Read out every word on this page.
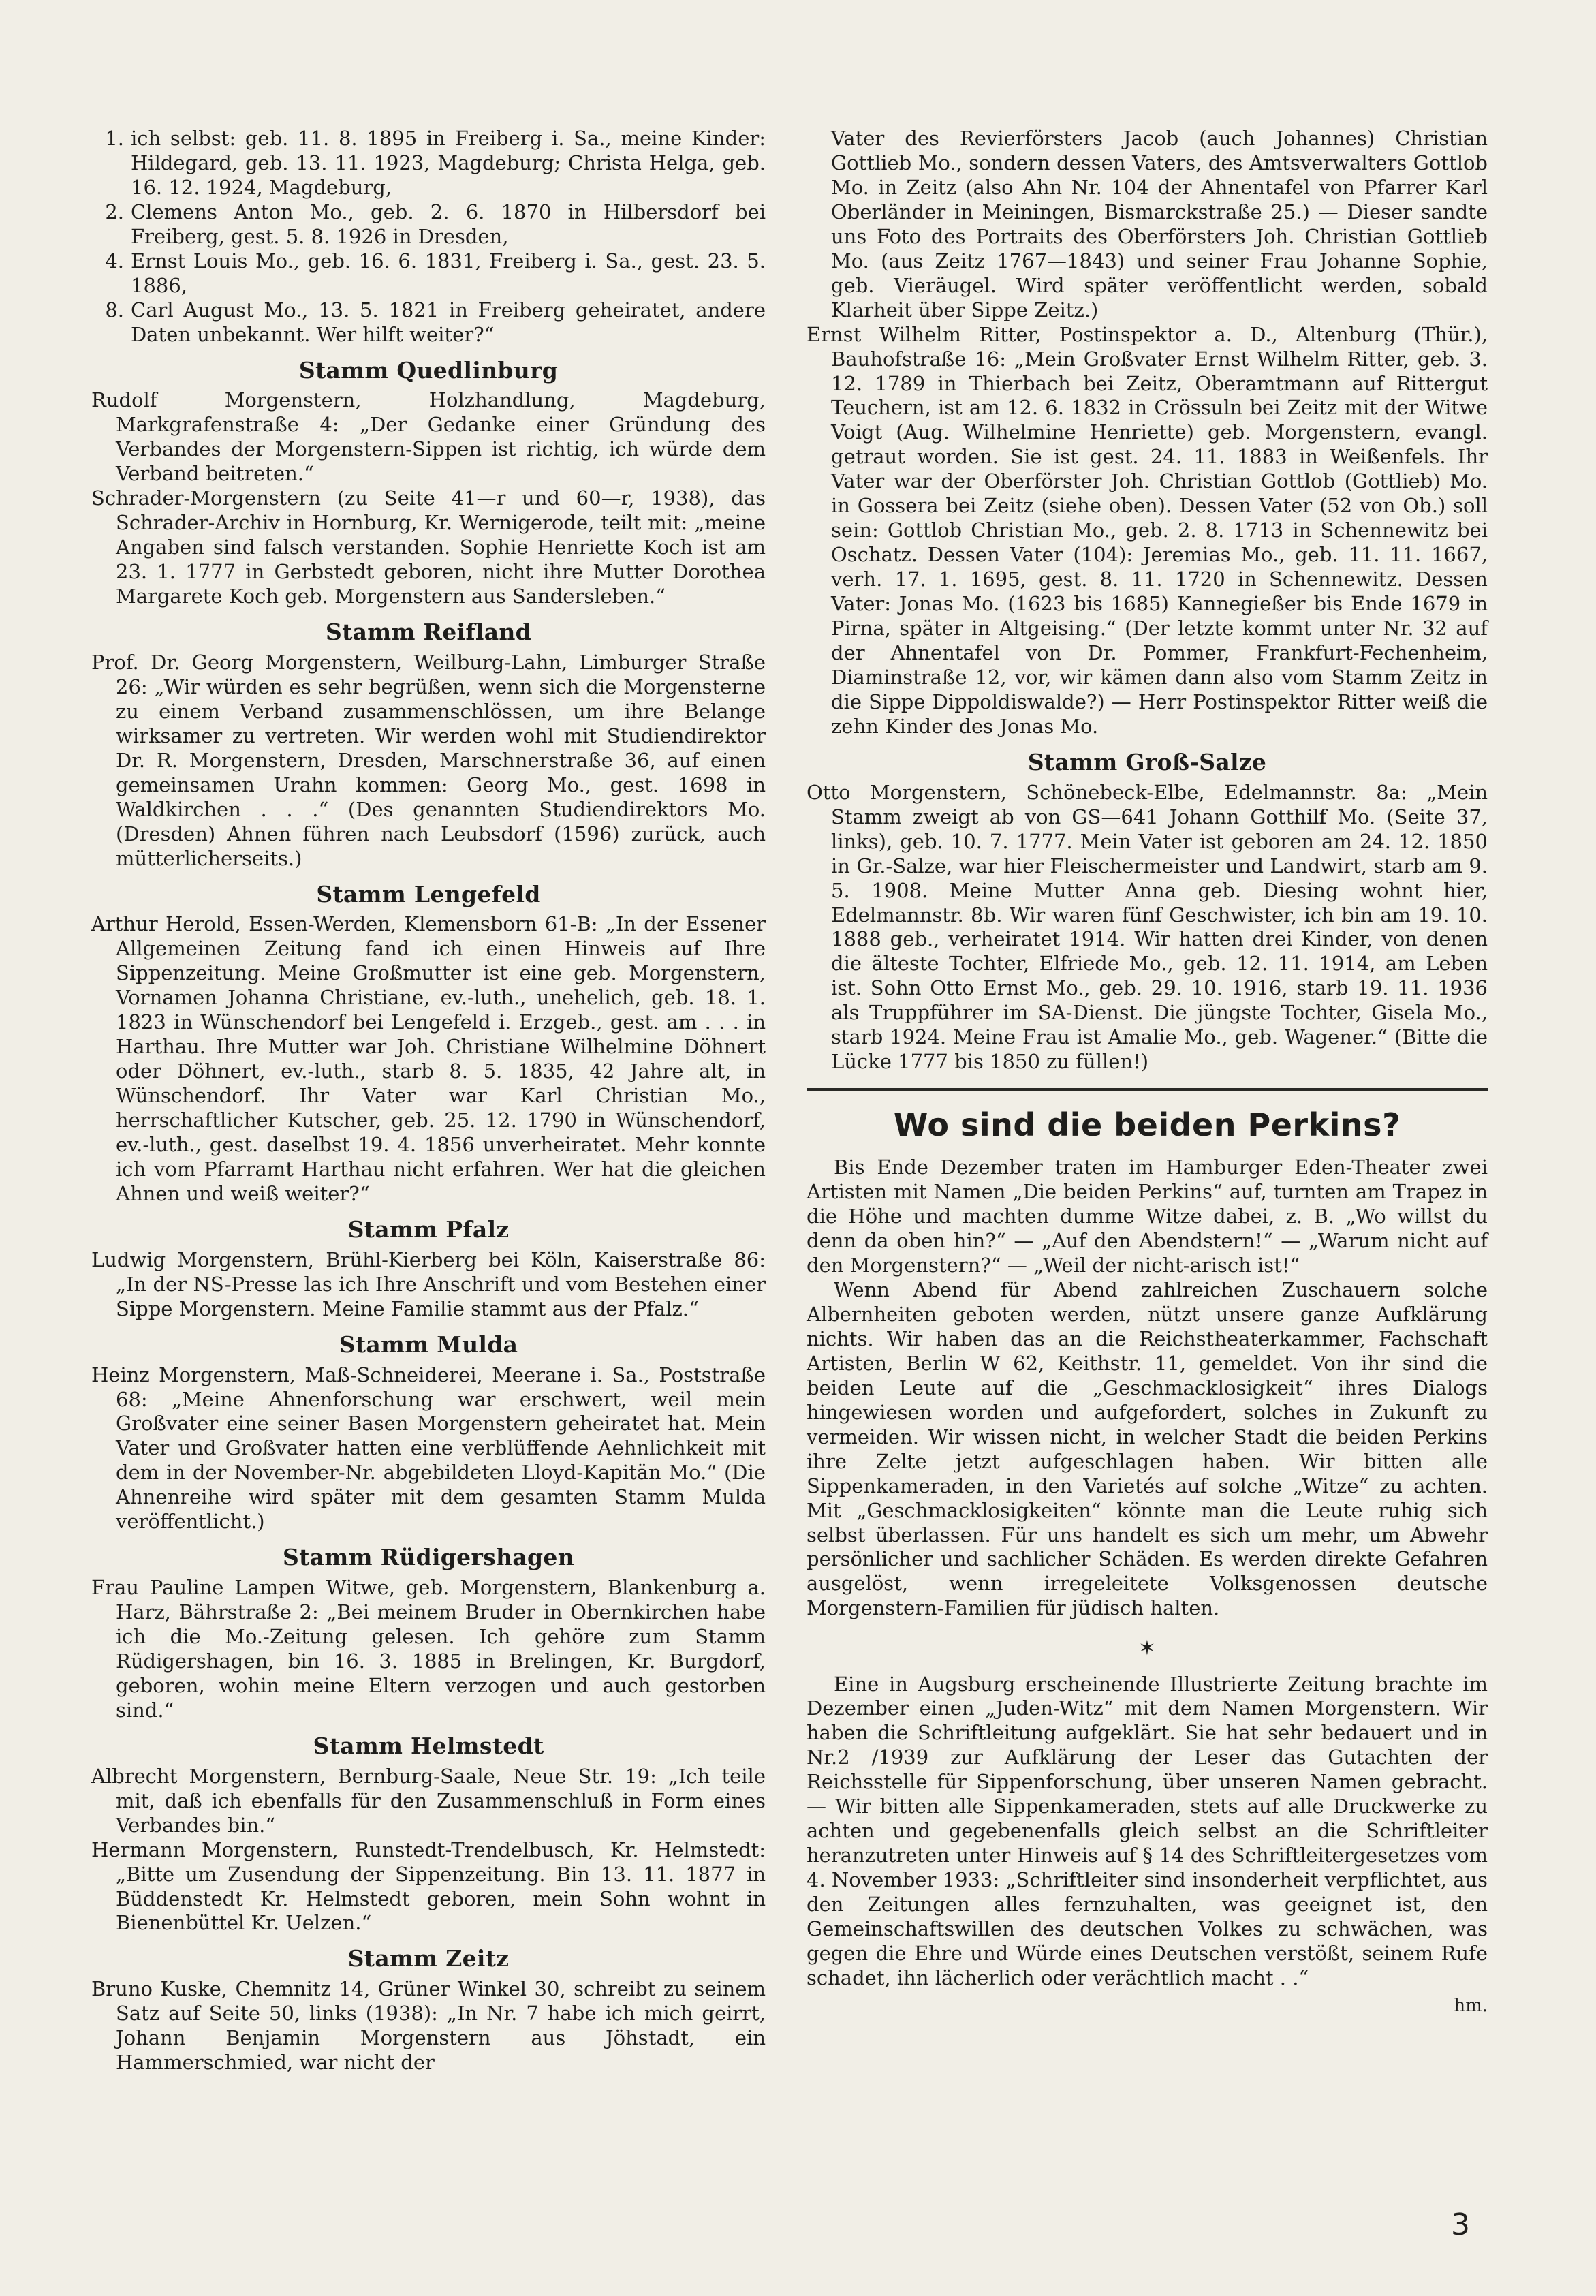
1. ich selbst: geb. 11. 8. 1895 in Freiberg i. Sa., meine Kinder: Hildegard, geb. 13. 11. 1923, Magdeburg; Christa Helga, geb. 16. 12. 1924, Magdeburg,
2. Clemens Anton Mo., geb. 2. 6. 1870 in Hilbersdorf bei Freiberg, gest. 5. 8. 1926 in Dresden,
4. Ernst Louis Mo., geb. 16. 6. 1831, Freiberg i. Sa., gest. 23. 5. 1886,
8. Carl August Mo., 13. 5. 1821 in Freiberg geheiratet, andere Daten unbekannt. Wer hilft weiter?“
Stamm Quedlinburg

Rudolf Morgenstern, Holzhandlung, Magdeburg, Markgrafenstraße 4: „Der Gedanke einer Gründung des Verbandes der Morgenstern-Sippen ist richtig, ich würde dem Verband beitreten.“

Schrader-Morgenstern (zu Seite 41—r und 60—r, 1938), das Schrader-Archiv in Hornburg, Kr. Wernigerode, teilt mit: „meine Angaben sind falsch verstanden. Sophie Henriette Koch ist am 23. 1. 1777 in Gerbstedt geboren, nicht ihre Mutter Dorothea Margarete Koch geb. Morgenstern aus Sandersleben.“

Stamm Reifland

Prof. Dr. Georg Morgenstern, Weilburg-Lahn, Limburger Straße 26: „Wir würden es sehr begrüßen, wenn sich die Morgensterne zu einem Verband zusammenschlössen, um ihre Belange wirksamer zu vertreten. Wir werden wohl mit Studiendirektor Dr. R. Morgenstern, Dresden, Marschnerstraße 36, auf einen gemeinsamen Urahn kommen: Georg Mo., gest. 1698 in Waldkirchen . . .“ (Des genannten Studiendirektors Mo. (Dresden) Ahnen führen nach Leubsdorf (1596) zurück, auch mütterlicherseits.)

Stamm Lengefeld

Arthur Herold, Essen-Werden, Klemensborn 61-B: „In der Essener Allgemeinen Zeitung fand ich einen Hinweis auf Ihre Sippenzeitung. Meine Großmutter ist eine geb. Morgenstern, Vornamen Johanna Christiane, ev.-luth., unehelich, geb. 18. 1. 1823 in Wünschendorf bei Lengefeld i. Erzgeb., gest. am . . . in Harthau. Ihre Mutter war Joh. Christiane Wilhelmine Döhnert oder Döhnert, ev.-luth., starb 8. 5. 1835, 42 Jahre alt, in Wünschendorf. Ihr Vater war Karl Christian Mo., herrschaftlicher Kutscher, geb. 25. 12. 1790 in Wünschendorf, ev.-luth., gest. daselbst 19. 4. 1856 unverheiratet. Mehr konnte ich vom Pfarramt Harthau nicht erfahren. Wer hat die gleichen Ahnen und weiß weiter?“

Stamm Pfalz

Ludwig Morgenstern, Brühl-Kierberg bei Köln, Kaiserstraße 86: „In der NS-Presse las ich Ihre Anschrift und vom Bestehen einer Sippe Morgenstern. Meine Familie stammt aus der Pfalz.“

Stamm Mulda

Heinz Morgenstern, Maß-Schneiderei, Meerane i. Sa., Poststraße 68: „Meine Ahnenforschung war erschwert, weil mein Großvater eine seiner Basen Morgenstern geheiratet hat. Mein Vater und Großvater hatten eine verblüffende Aehnlichkeit mit dem in der November-Nr. abgebildeten Lloyd-Kapitän Mo.“ (Die Ahnenreihe wird später mit dem gesamten Stamm Mulda veröffentlicht.)

Stamm Rüdigershagen

Frau Pauline Lampen Witwe, geb. Morgenstern, Blankenburg a. Harz, Bährstraße 2: „Bei meinem Bruder in Obernkirchen habe ich die Mo.-Zeitung gelesen. Ich gehöre zum Stamm Rüdigershagen, bin 16. 3. 1885 in Brelingen, Kr. Burgdorf, geboren, wohin meine Eltern verzogen und auch gestorben sind.“

Stamm Helmstedt

Albrecht Morgenstern, Bernburg-Saale, Neue Str. 19: „Ich teile mit, daß ich ebenfalls für den Zusammenschluß in Form eines Verbandes bin.“

Hermann Morgenstern, Runstedt-Trendelbusch, Kr. Helmstedt: „Bitte um Zusendung der Sippenzeitung. Bin 13. 11. 1877 in Büddenstedt Kr. Helmstedt geboren, mein Sohn wohnt in Bienenbüttel Kr. Uelzen.“

Stamm Zeitz

Bruno Kuske, Chemnitz 14, Grüner Winkel 30, schreibt zu seinem Satz auf Seite 50, links (1938): „In Nr. 7 habe ich mich geirrt, Johann Benjamin Morgenstern aus Jöhstadt, ein Hammerschmied, war nicht der

Vater des Revierförsters Jacob (auch Johannes) Christian Gottlieb Mo., sondern dessen Vaters, des Amtsverwalters Gottlob Mo. in Zeitz (also Ahn Nr. 104 der Ahnentafel von Pfarrer Karl Oberländer in Meiningen, Bismarckstraße 25.) — Dieser sandte uns Foto des Portraits des Oberförsters Joh. Christian Gottlieb Mo. (aus Zeitz 1767—1843) und seiner Frau Johanne Sophie, geb. Vieräugel. Wird später veröffentlicht werden, sobald Klarheit über Sippe Zeitz.)

Ernst Wilhelm Ritter, Postinspektor a. D., Altenburg (Thür.), Bauhofstraße 16: „Mein Großvater Ernst Wilhelm Ritter, geb. 3. 12. 1789 in Thierbach bei Zeitz, Oberamtmann auf Rittergut Teuchern, ist am 12. 6. 1832 in Crössuln bei Zeitz mit der Witwe Voigt (Aug. Wilhelmine Henriette) geb. Morgenstern, evangl. getraut worden. Sie ist gest. 24. 11. 1883 in Weißenfels. Ihr Vater war der Oberförster Joh. Christian Gottlob (Gottlieb) Mo. in Gossera bei Zeitz (siehe oben). Dessen Vater (52 von Ob.) soll sein: Gottlob Christian Mo., geb. 2. 8. 1713 in Schennewitz bei Oschatz. Dessen Vater (104): Jeremias Mo., geb. 11. 11. 1667, verh. 17. 1. 1695, gest. 8. 11. 1720 in Schennewitz. Dessen Vater: Jonas Mo. (1623 bis 1685) Kannegießer bis Ende 1679 in Pirna, später in Altgeising.“ (Der letzte kommt unter Nr. 32 auf der Ahnentafel von Dr. Pommer, Frankfurt-Fechenheim, Diaminstraße 12, vor, wir kämen dann also vom Stamm Zeitz in die Sippe Dippoldiswalde?) — Herr Postinspektor Ritter weiß die zehn Kinder des Jonas Mo.

Stamm Groß-Salze

Otto Morgenstern, Schönebeck-Elbe, Edelmannstr. 8a: „Mein Stamm zweigt ab von GS—641 Johann Gotthilf Mo. (Seite 37, links), geb. 10. 7. 1777. Mein Vater ist geboren am 24. 12. 1850 in Gr.-Salze, war hier Fleischermeister und Landwirt, starb am 9. 5. 1908. Meine Mutter Anna geb. Diesing wohnt hier, Edelmannstr. 8b. Wir waren fünf Geschwister, ich bin am 19. 10. 1888 geb., verheiratet 1914. Wir hatten drei Kinder, von denen die älteste Tochter, Elfriede Mo., geb. 12. 11. 1914, am Leben ist. Sohn Otto Ernst Mo., geb. 29. 10. 1916, starb 19. 11. 1936 als Truppführer im SA-Dienst. Die jüngste Tochter, Gisela Mo., starb 1924. Meine Frau ist Amalie Mo., geb. Wagener.“ (Bitte die Lücke 1777 bis 1850 zu füllen!)

Wo sind die beiden Perkins?

Bis Ende Dezember traten im Hamburger Eden-Theater zwei Artisten mit Namen „Die beiden Perkins“ auf, turnten am Trapez in die Höhe und machten dumme Witze dabei, z. B. „Wo willst du denn da oben hin?“ — „Auf den Abendstern!“ — „Warum nicht auf den Morgenstern?“ — „Weil der nicht-arisch ist!“

Wenn Abend für Abend zahlreichen Zuschauern solche Albernheiten geboten werden, nützt unsere ganze Aufklärung nichts. Wir haben das an die Reichstheaterkammer, Fachschaft Artisten, Berlin W 62, Keithstr. 11, gemeldet. Von ihr sind die beiden Leute auf die „Geschmacklosigkeit“ ihres Dialogs hingewiesen worden und aufgefordert, solches in Zukunft zu vermeiden. Wir wissen nicht, in welcher Stadt die beiden Perkins ihre Zelte jetzt aufgeschlagen haben. Wir bitten alle Sippenkameraden, in den Varietés auf solche „Witze“ zu achten. Mit „Geschmacklosigkeiten“ könnte man die Leute ruhig sich selbst überlassen. Für uns handelt es sich um mehr, um Abwehr persönlicher und sachlicher Schäden. Es werden direkte Gefahren ausgelöst, wenn irregeleitete Volksgenossen deutsche Morgenstern-Familien für jüdisch halten.

✶

Eine in Augsburg erscheinende Illustrierte Zeitung brachte im Dezember einen „Juden-Witz“ mit dem Namen Morgenstern. Wir haben die Schriftleitung aufgeklärt. Sie hat sehr bedauert und in Nr.2 /1939 zur Aufklärung der Leser das Gutachten der Reichsstelle für Sippenforschung, über unseren Namen gebracht. — Wir bitten alle Sippenkameraden, stets auf alle Druckwerke zu achten und gegebenenfalls gleich selbst an die Schriftleiter heranzutreten unter Hinweis auf § 14 des Schriftleitergesetzes vom 4. November 1933: „Schriftleiter sind insonderheit verpflichtet, aus den Zeitungen alles fernzuhalten, was geeignet ist, den Gemeinschaftswillen des deutschen Volkes zu schwächen, was gegen die Ehre und Würde eines Deutschen verstößt, seinem Rufe schadet, ihn lächerlich oder verächtlich macht . .“

hm.
3
